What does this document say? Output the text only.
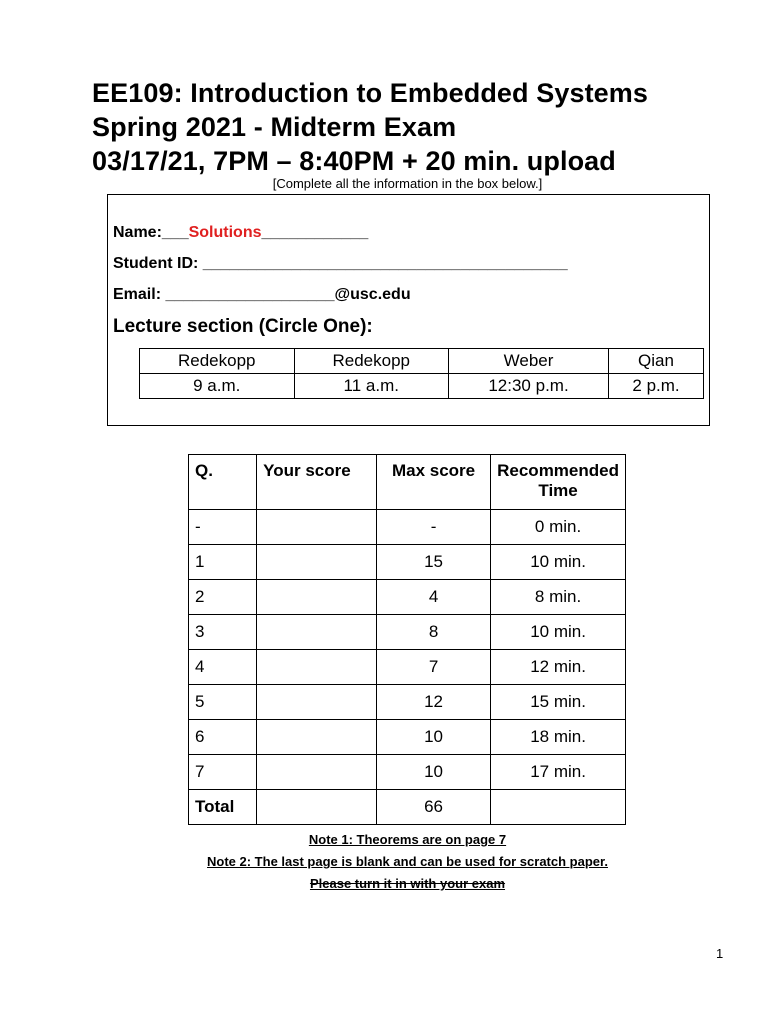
EE109: Introduction to Embedded Systems
Spring 2021 - Midterm Exam
03/17/21, 7PM – 8:40PM + 20 min. upload
[Complete all the information in the box below.]
Name:___Solutions____________
Student ID: _________________________________________
Email: ___________________@usc.edu
Lecture section (Circle One):
Redekopp	Redekopp	Weber	Qian
9 a.m.	11 a.m.	12:30 p.m.	2 p.m.
Q.	Your score	Max score	Recommended Time
-		-	0 min.
1		15	10 min.
2		4	8 min.
3		8	10 min.
4		7	12 min.
5		12	15 min.
6		10	18 min.
7		10	17 min.
Total		66	
Note 1: Theorems are on page 7
Note 2: The last page is blank and can be used for scratch paper.
Please turn it in with your exam
1
